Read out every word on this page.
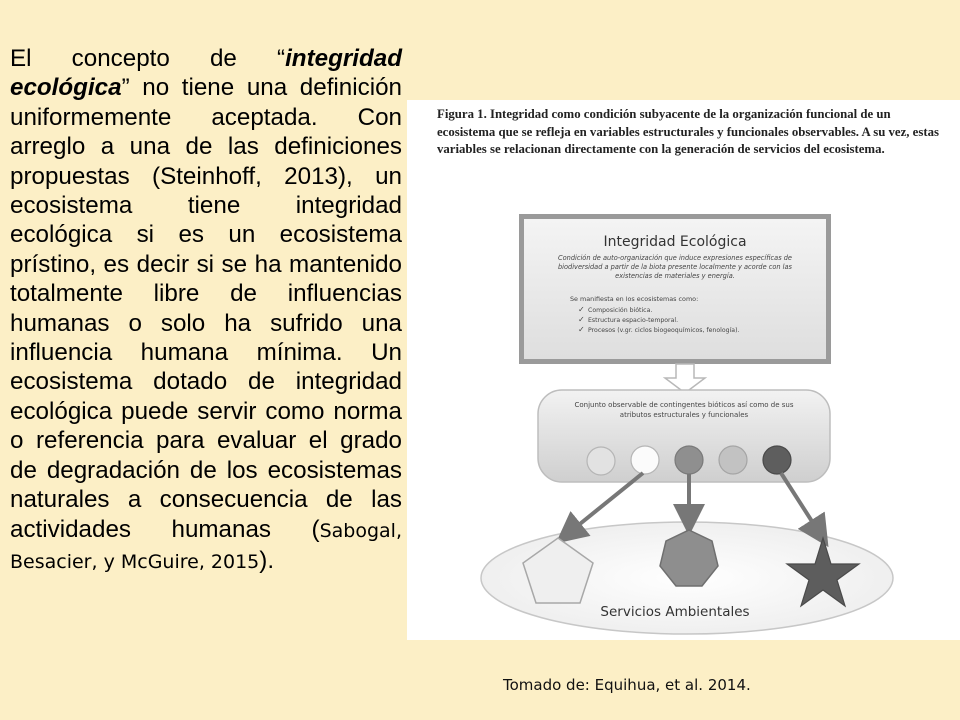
El concepto de “integridad ecológica” no tiene una definición uniformemente aceptada. Con arreglo a una de las definiciones propuestas (Steinhoff, 2013), un ecosistema tiene integridad ecológica si es un ecosistema prístino, es decir si se ha mantenido totalmente libre de influencias humanas o solo ha sufrido una influencia humana mínima. Un ecosistema dotado de integridad ecológica puede servir como norma o referencia para evaluar el grado de degradación de los ecosistemas naturales a consecuencia de las actividades humanas (Sabogal, Besacier, y McGuire, 2015).
Figura 1. Integridad como condición subyacente de la organización funcional de un ecosistema que se refleja en variables estructurales y funcionales observables. A su vez, estas variables se relacionan directamente con la generación de servicios del ecosistema.
Integridad Ecológica
Condición de auto-organización que induce expresiones específicas de
biodiversidad a partir de la biota presente localmente y acorde con las
existencias de materiales y energía.
Se manifiesta en los ecosistemas como:
✓ Composición biótica.
✓ Estructura espacio-temporal.
✓ Procesos (v.gr. ciclos biogeoquímicos, fenología).
Conjunto observable de contingentes bióticos así como de sus
atributos estructurales y funcionales
Servicios Ambientales
Tomado de: Equihua, et al. 2014.
